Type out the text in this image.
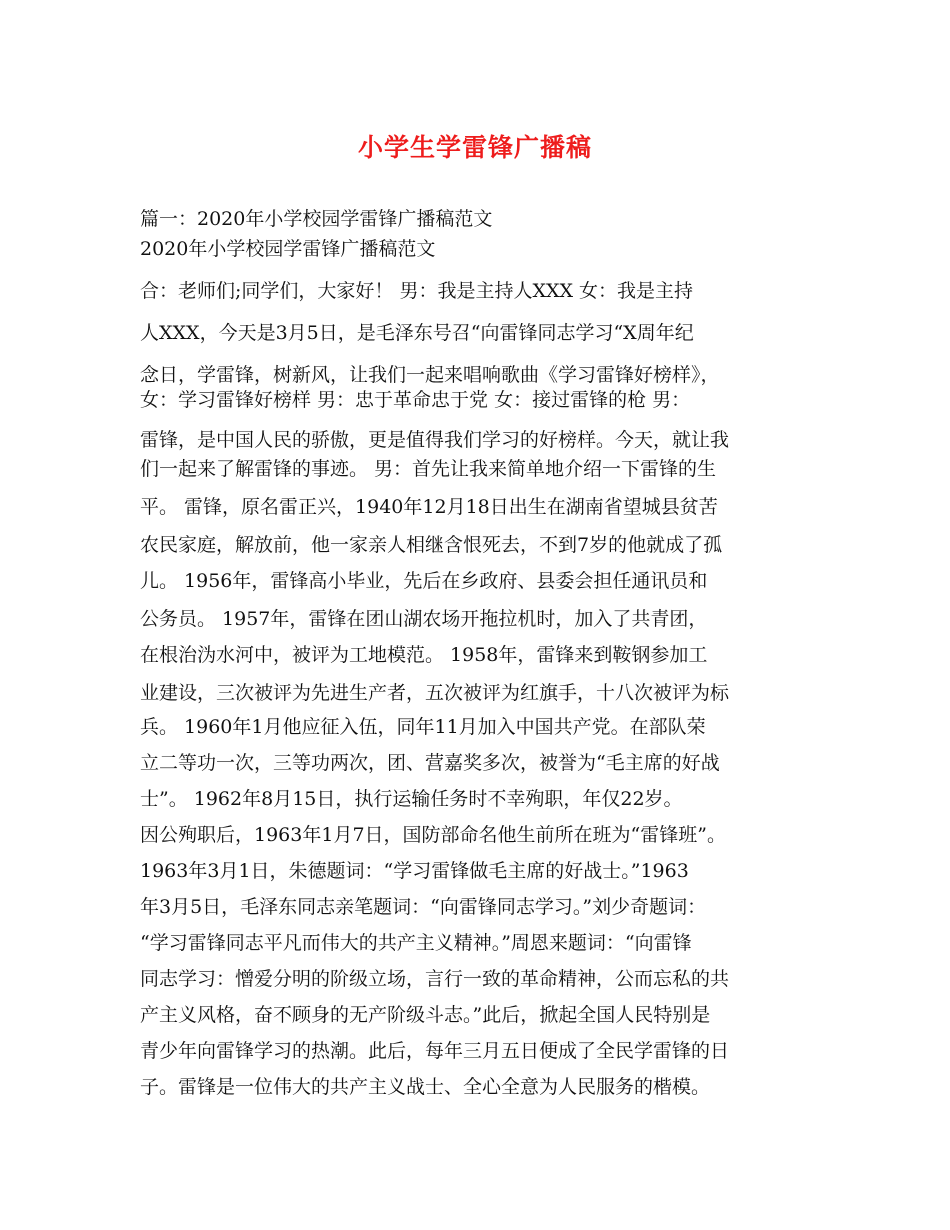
小学生学雷锋广播稿
篇一：2020年小学校园学雷锋广播稿范文
2020年小学校园学雷锋广播稿范文
合：老师们;同学们，大家好！ 男：我是主持人XXX 女：我是主持
人XXX，今天是3月5日，是毛泽东号召“向雷锋同志学习“X周年纪
念日，学雷锋，树新风，让我们一起来唱响歌曲《学习雷锋好榜样》，
女：学习雷锋好榜样 男：忠于革命忠于党 女：接过雷锋的枪 男：
雷锋，是中国人民的骄傲，更是值得我们学习的好榜样。今天，就让我
们一起来了解雷锋的事迹。 男：首先让我来简单地介绍一下雷锋的生
平。 雷锋，原名雷正兴，1940年12月18日出生在湖南省望城县贫苦
农民家庭，解放前，他一家亲人相继含恨死去，不到7岁的他就成了孤
儿。 1956年，雷锋高小毕业，先后在乡政府、县委会担任通讯员和
公务员。 1957年，雷锋在团山湖农场开拖拉机时，加入了共青团，
在根治沩水河中，被评为工地模范。 1958年，雷锋来到鞍钢参加工
业建设，三次被评为先进生产者，五次被评为红旗手，十八次被评为标
兵。 1960年1月他应征入伍，同年11月加入中国共产党。在部队荣
立二等功一次，三等功两次，团、营嘉奖多次，被誉为“毛主席的好战
士”。 1962年8月15日，执行运输任务时不幸殉职，年仅22岁。
因公殉职后，1963年1月7日，国防部命名他生前所在班为“雷锋班”。
1963年3月1日，朱德题词：“学习雷锋做毛主席的好战士。”1963
年3月5日，毛泽东同志亲笔题词：“向雷锋同志学习。”刘少奇题词：
“学习雷锋同志平凡而伟大的共产主义精神。”周恩来题词：“向雷锋
同志学习：憎爱分明的阶级立场，言行一致的革命精神，公而忘私的共
产主义风格，奋不顾身的无产阶级斗志。”此后，掀起全国人民特别是
青少年向雷锋学习的热潮。此后，每年三月五日便成了全民学雷锋的日
子。雷锋是一位伟大的共产主义战士、全心全意为人民服务的楷模。
